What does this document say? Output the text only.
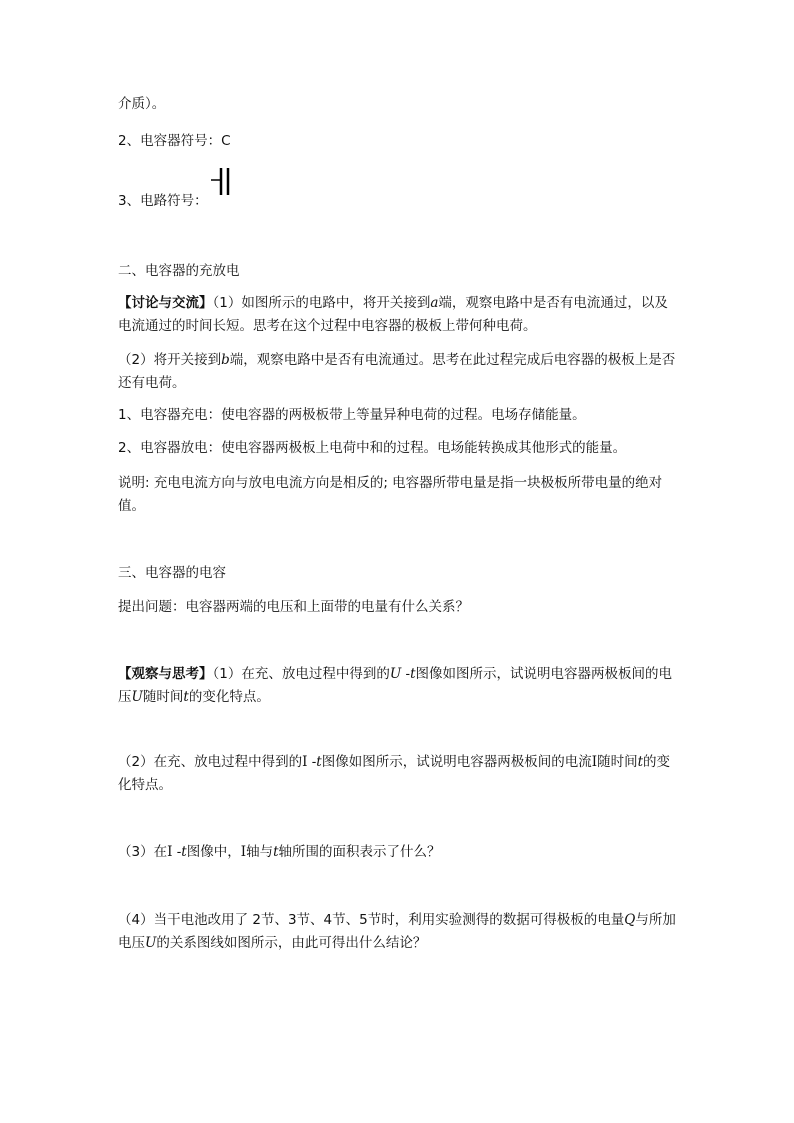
介质）。
2、电容器符号：C
3、电路符号：
二、电容器的充放电
【讨论与交流】（1）如图所示的电路中，将开关接到a端，观察电路中是否有电流通过，以及电流通过的时间长短。思考在这个过程中电容器的极板上带何种电荷。
（2）将开关接到b端，观察电路中是否有电流通过。思考在此过程完成后电容器的极板上是否还有电荷。
1、电容器充电：使电容器的两极板带上等量异种电荷的过程。电场存储能量。
2、电容器放电：使电容器两极板上电荷中和的过程。电场能转换成其他形式的能量。
说明: 充电电流方向与放电电流方向是相反的; 电容器所带电量是指一块极板所带电量的绝对值。
三、电容器的电容
提出问题：电容器两端的电压和上面带的电量有什么关系？
【观察与思考】（1）在充、放电过程中得到的U -t图像如图所示，试说明电容器两极板间的电压U随时间t的变化特点。
（2）在充、放电过程中得到的I -t图像如图所示，试说明电容器两极板间的电流I随时间t的变化特点。
（3）在I -t图像中，I轴与t轴所围的面积表示了什么？
（4）当干电池改用了 2节、3节、4节、5节时，利用实验测得的数据可得极板的电量Q与所加电压U的关系图线如图所示，由此可得出什么结论？
